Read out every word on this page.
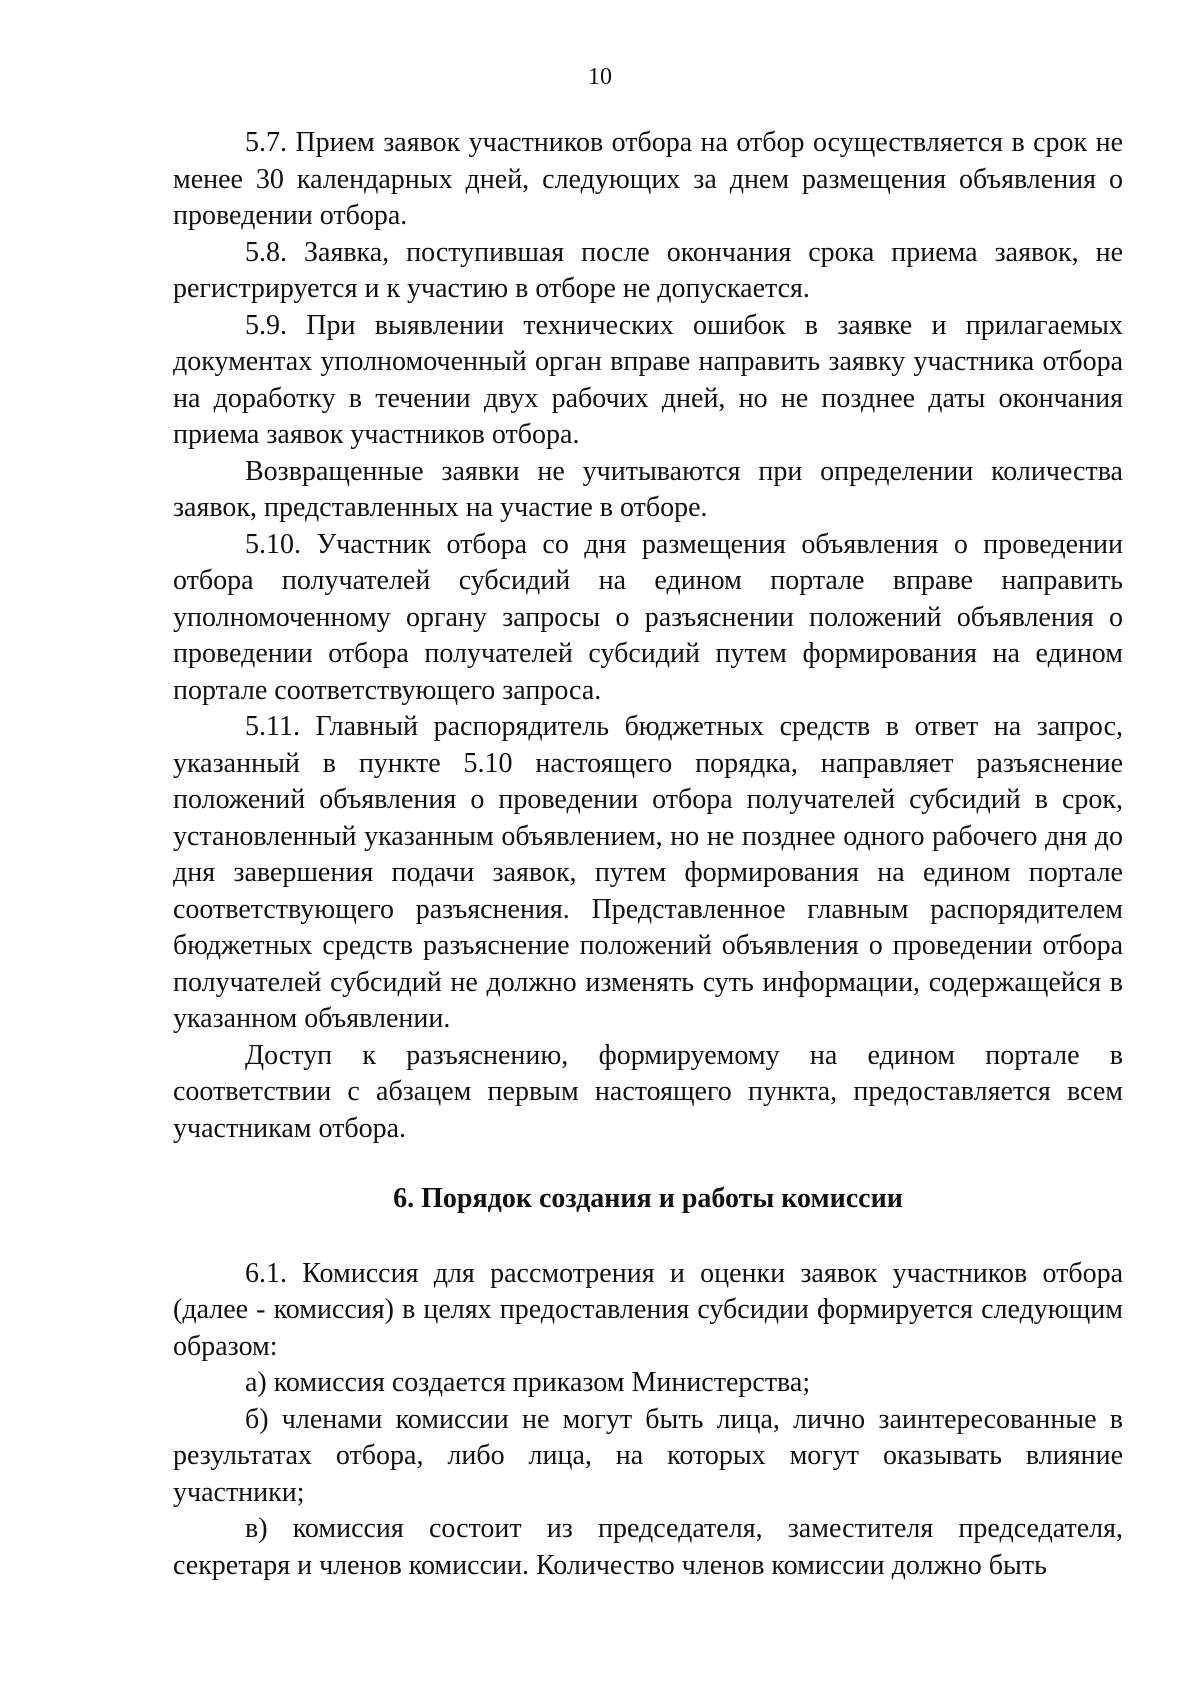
10

5.7. Прием заявок участников отбора на отбор осуществляется в срок не менее 30 календарных дней, следующих за днем размещения объявления о проведении отбора.

5.8. Заявка, поступившая после окончания срока приема заявок, не регистрируется и к участию в отборе не допускается.

5.9. При выявлении технических ошибок в заявке и прилагаемых документах уполномоченный орган вправе направить заявку участника отбора на доработку в течении двух рабочих дней, но не позднее даты окончания приема заявок участников отбора.

Возвращенные заявки не учитываются при определении количества заявок, представленных на участие в отборе.

5.10. Участник отбора со дня размещения объявления о проведении отбора получателей субсидий на едином портале вправе направить уполномоченному органу запросы о разъяснении положений объявления о проведении отбора получателей субсидий путем формирования на едином портале соответствующего запроса.

5.11. Главный распорядитель бюджетных средств в ответ на запрос, указанный в пункте 5.10 настоящего порядка, направляет разъяснение положений объявления о проведении отбора получателей субсидий в срок, установленный указанным объявлением, но не позднее одного рабочего дня до дня завершения подачи заявок, путем формирования на едином портале соответствующего разъяснения. Представленное главным распорядителем бюджетных средств разъяснение положений объявления о проведении отбора получателей субсидий не должно изменять суть информации, содержащейся в указанном объявлении.

Доступ к разъяснению, формируемому на едином портале в соответствии с абзацем первым настоящего пункта, предоставляется всем участникам отбора.

6. Порядок создания и работы комиссии

6.1. Комиссия для рассмотрения и оценки заявок участников отбора (далее - комиссия) в целях предоставления субсидии формируется следующим образом:

а) комиссия создается приказом Министерства;

б) членами комиссии не могут быть лица, лично заинтересованные в результатах отбора, либо лица, на которых могут оказывать влияние участники;

в) комиссия состоит из председателя, заместителя председателя, секретаря и членов комиссии. Количество членов комиссии должно быть
